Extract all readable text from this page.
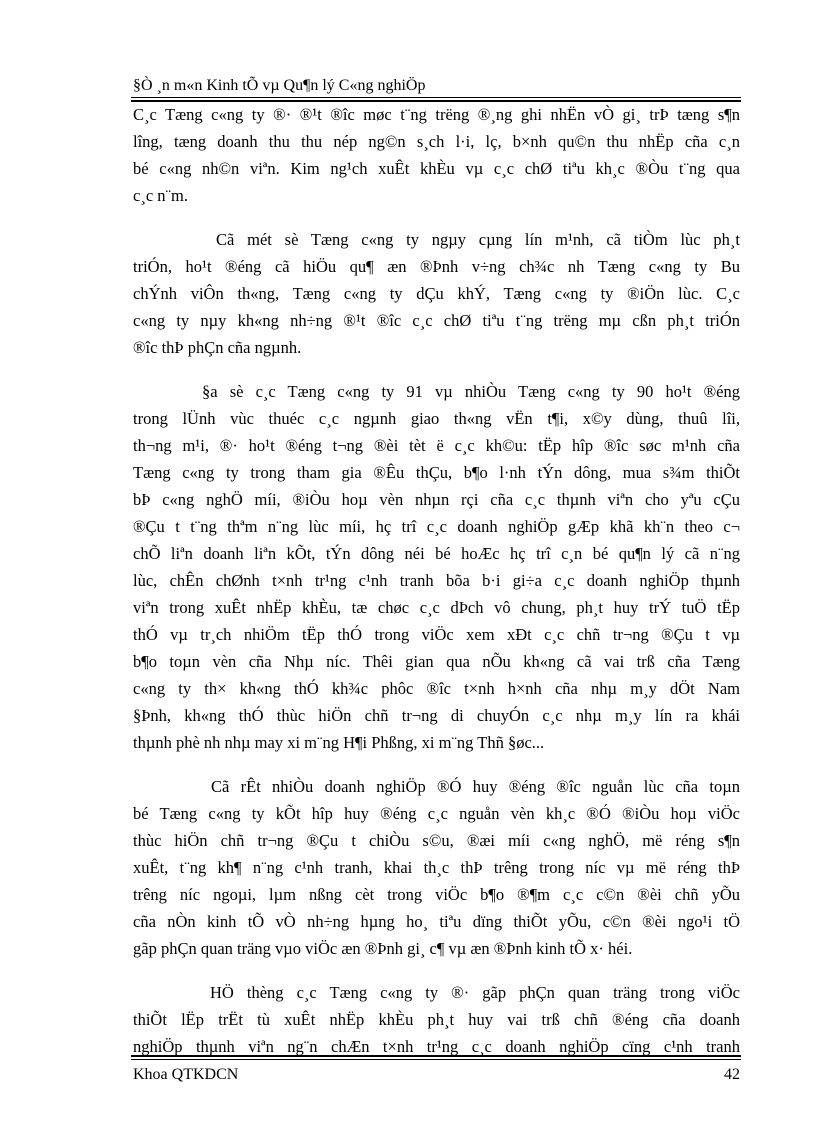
§Ò ¸n m«n Kinh tÕ vµ Qu¶n lý C«ng nghiÖp
C¸c Tæng c«ng ty ®· ®¹t ®îc møc t¨ng trëng ®¸ng ghi nhËn vÒ gi¸ trÞ tæng s¶n
lîng, tæng doanh thu thu nép ng©n s¸ch l·i, lç, b×nh qu©n thu nhËp cña c¸n
bé c«ng nh©n viªn. Kim ng¹ch xuÊt khÈu vµ c¸c chØ tiªu kh¸c ®Òu t¨ng qua
c¸c n¨m.
Cã mét sè Tæng c«ng ty ngµy cµng lín m¹nh, cã tiÒm lùc ph¸t
triÓn, ho¹t ®éng cã hiÖu qu¶ æn ®Þnh v÷ng ch¾c nh Tæng c«ng ty Bu
chÝnh viÔn th«ng, Tæng c«ng ty dÇu khÝ, Tæng c«ng ty ®iÖn lùc. C¸c
c«ng ty nµy kh«ng nh÷ng ®¹t ®îc c¸c chØ tiªu t¨ng trëng mµ cßn ph¸t triÓn
®îc thÞ phÇn cña ngµnh.
§a sè c¸c Tæng c«ng ty 91 vµ nhiÒu Tæng c«ng ty 90 ho¹t ®éng
trong lÜnh vùc thuéc c¸c ngµnh giao th«ng vËn t¶i, x©y dùng, thuû lîi,
th¬ng m¹i, ®· ho¹t ®éng t¬ng ®èi tèt ë c¸c kh©u: tËp hîp ®îc søc m¹nh cña
Tæng c«ng ty trong tham gia ®Êu thÇu, b¶o l·nh tÝn dông, mua s¾m thiÕt
bÞ c«ng nghÖ míi, ®iÒu hoµ vèn nhµn rçi cña c¸c thµnh viªn cho yªu cÇu
®Çu t t¨ng thªm n¨ng lùc míi, hç trî c¸c doanh nghiÖp gÆp khã kh¨n theo c¬
chÕ liªn doanh liªn kÕt, tÝn dông néi bé hoÆc hç trî c¸n bé qu¶n lý cã n¨ng
lùc, chÊn chØnh t×nh tr¹ng c¹nh tranh bõa b·i gi÷a c¸c doanh nghiÖp thµnh
viªn trong xuÊt nhËp khÈu, tæ chøc c¸c dÞch vô chung, ph¸t huy trÝ tuÖ tËp
thÓ vµ tr¸ch nhiÖm tËp thÓ trong viÖc xem xÐt c¸c chñ tr¬ng ®Çu t vµ
b¶o toµn vèn cña Nhµ níc. Thêi gian qua nÕu kh«ng cã vai trß cña Tæng
c«ng ty th× kh«ng thÓ kh¾c phôc ®îc t×nh h×nh cña nhµ m¸y dÖt Nam
§Þnh, kh«ng thÓ thùc hiÖn chñ tr¬ng di chuyÓn c¸c nhµ m¸y lín ra khái
thµnh phè nh nhµ may xi m¨ng H¶i Phßng, xi m¨ng Thñ §øc...
Cã rÊt nhiÒu doanh nghiÖp ®Ó huy ®éng ®îc nguån lùc cña toµn
bé Tæng c«ng ty kÕt hîp huy ®éng c¸c nguån vèn kh¸c ®Ó ®iÒu hoµ viÖc
thùc hiÖn chñ tr¬ng ®Çu t chiÒu s©u, ®æi míi c«ng nghÖ, më réng s¶n
xuÊt, t¨ng kh¶ n¨ng c¹nh tranh, khai th¸c thÞ trêng trong níc vµ më réng thÞ
trêng níc ngoµi, lµm nßng cèt trong viÖc b¶o ®¶m c¸c c©n ®èi chñ yÕu
cña nÒn kinh tÕ vÒ nh÷ng hµng ho¸ tiªu dïng thiÕt yÕu, c©n ®èi ngo¹i tÖ
gãp phÇn quan träng vµo viÖc æn ®Þnh gi¸ c¶ vµ æn ®Þnh kinh tÕ x· héi.
HÖ thèng c¸c Tæng c«ng ty ®· gãp phÇn quan träng trong viÖc
thiÕt lËp trËt tù xuÊt nhËp khÈu ph¸t huy vai trß chñ ®éng cña doanh
nghiÖp thµnh viªn ng¨n chÆn t×nh tr¹ng c¸c doanh nghiÖp cïng c¹nh tranh
Khoa QTKDCN	42
